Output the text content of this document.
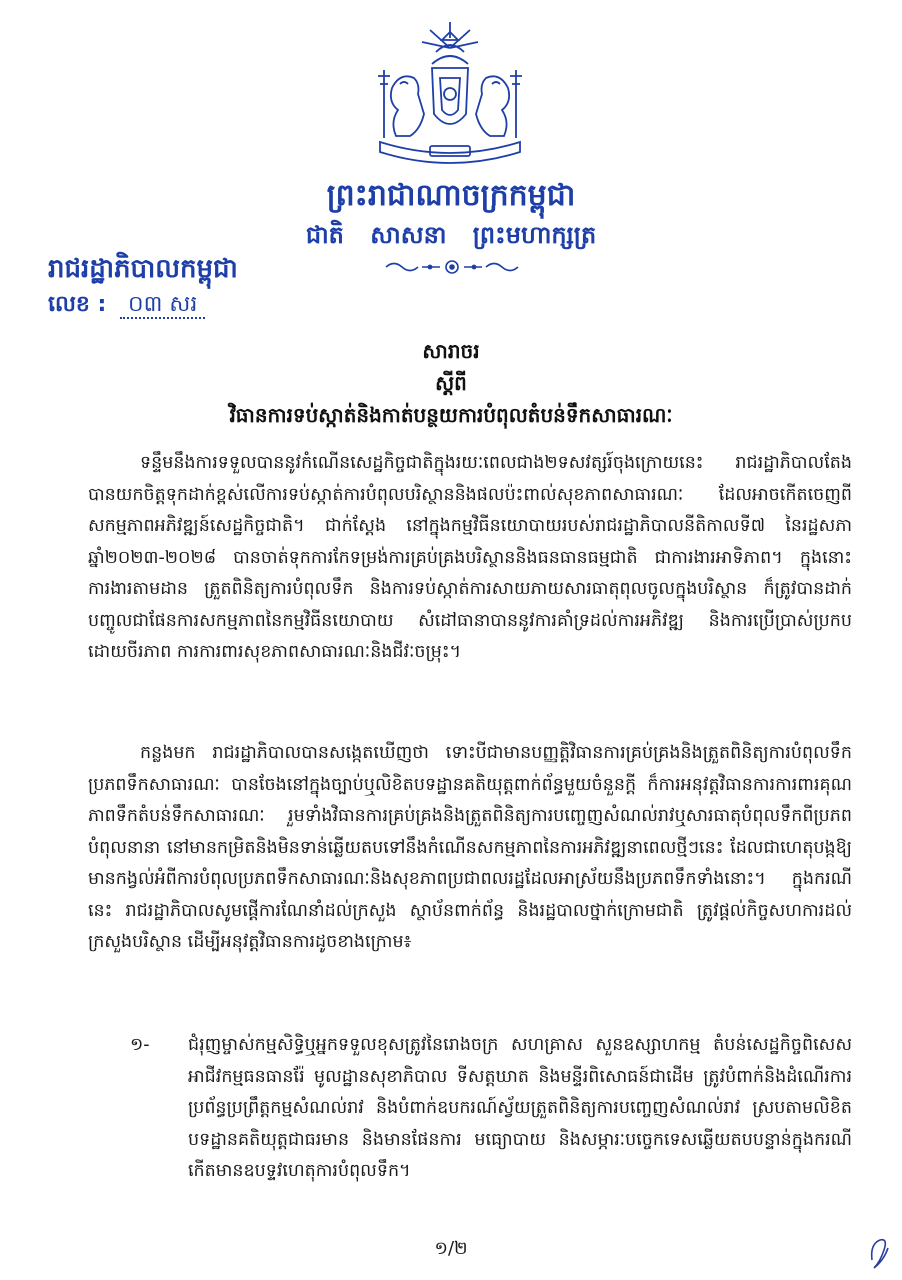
ព្រះរាជាណាចក្រកម្ពុជា
ជាតិ សាសនា ព្រះមហាក្សត្រ
រាជរដ្ឋាភិបាលកម្ពុជា
លេខ : ០៣ សរ
សារាចរ
ស្តីពី
វិធានការទប់ស្កាត់និងកាត់បន្ថយការបំពុលតំបន់ទឹកសាធារណៈ

ទន្ទឹមនឹងការទទួលបាននូវកំណើនសេដ្ឋកិច្ចជាតិក្នុងរយៈពេលជាង២ទសវត្សរ៍ចុងក្រោយនេះ រាជរដ្ឋាភិបាលតែងបានយកចិត្តទុកដាក់ខ្ពស់លើការទប់ស្កាត់ការបំពុលបរិស្ថាននិងផលប៉ះពាល់សុខភាពសាធារណៈ ដែលអាចកើតចេញពីសកម្មភាពអភិវឌ្ឍន៍សេដ្ឋកិច្ចជាតិ។ ជាក់ស្តែង នៅក្នុងកម្មវិធីនយោបាយរបស់រាជរដ្ឋាភិបាលនីតិកាលទី៧ នៃរដ្ឋសភា ឆ្នាំ២០២៣-២០២៨ បានចាត់ទុកការកែទម្រង់ការគ្រប់គ្រងបរិស្ថាននិងធនធានធម្មជាតិ ជាការងារអាទិភាព។ ក្នុងនោះ ការងារតាមដាន ត្រួតពិនិត្យការបំពុលទឹក និងការទប់ស្កាត់ការសាយភាយសារធាតុពុលចូលក្នុងបរិស្ថាន ក៏ត្រូវបានដាក់បញ្ចូលជាផែនការសកម្មភាពនៃកម្មវិធីនយោបាយ សំដៅធានាបាននូវការគាំទ្រដល់ការអភិវឌ្ឍ និងការប្រើប្រាស់ប្រកបដោយចីរភាព ការការពារសុខភាពសាធារណៈនិងជីវៈចម្រុះ។

កន្លងមក រាជរដ្ឋាភិបាលបានសង្កេតឃើញថា ទោះបីជាមានបញ្ញត្តិវិធានការគ្រប់គ្រងនិងត្រួតពិនិត្យការបំពុលទឹក ប្រភពទឹកសាធារណៈ បានចែងនៅក្នុងច្បាប់ឬលិខិតបទដ្ឋានគតិយុត្តពាក់ព័ន្ធមួយចំនួនក្តី ក៏ការអនុវត្តវិធានការការពារគុណភាពទឹកតំបន់ទឹកសាធារណៈ រួមទាំងវិធានការគ្រប់គ្រងនិងត្រួតពិនិត្យការបញ្ចេញសំណល់រាវឬសារធាតុបំពុលទឹកពីប្រភពបំពុលនានា នៅមានកម្រិតនិងមិនទាន់ឆ្លើយតបទៅនឹងកំណើនសកម្មភាពនៃការអភិវឌ្ឍនាពេលថ្មីៗនេះ ដែលជាហេតុបង្កឱ្យមានកង្វល់អំពីការបំពុលប្រភពទឹកសាធារណៈនិងសុខភាពប្រជាពលរដ្ឋដែលអាស្រ័យនឹងប្រភពទឹកទាំងនោះ។ ក្នុងករណីនេះ រាជរដ្ឋាភិបាលសូមផ្តើការណែនាំដល់ក្រសួង ស្ថាប័នពាក់ព័ន្ធ និងរដ្ឋបាលថ្នាក់ក្រោមជាតិ ត្រូវផ្តល់កិច្ចសហការដល់ក្រសួងបរិស្ថាន ដើម្បីអនុវត្តវិធានការដូចខាងក្រោម៖

១- ជំរុញម្ចាស់កម្មសិទ្ធិឬអ្នកទទួលខុសត្រូវនៃរោងចក្រ សហគ្រាស សួនឧស្សាហកម្ម តំបន់សេដ្ឋកិច្ចពិសេស អាជីវកម្មធនធានរ៉ែ មូលដ្ឋានសុខាភិបាល ទីសត្តឃាត និងមន្ទីរពិសោធន៍ជាដើម ត្រូវបំពាក់និងដំណើរការប្រព័ន្ធប្រព្រឹត្តកម្មសំណល់រាវ និងបំពាក់ឧបករណ៍ស្វ័យត្រួតពិនិត្យការបញ្ចេញសំណល់រាវ ស្របតាមលិខិតបទដ្ឋានគតិយុត្តជាធរមាន និងមានផែនការ មធ្យោបាយ និងសម្ភារៈបច្ចេកទេសឆ្លើយតបបន្ទាន់ក្នុងករណីកើតមានឧបទ្ទវហេតុការបំពុលទឹក។

១/២
